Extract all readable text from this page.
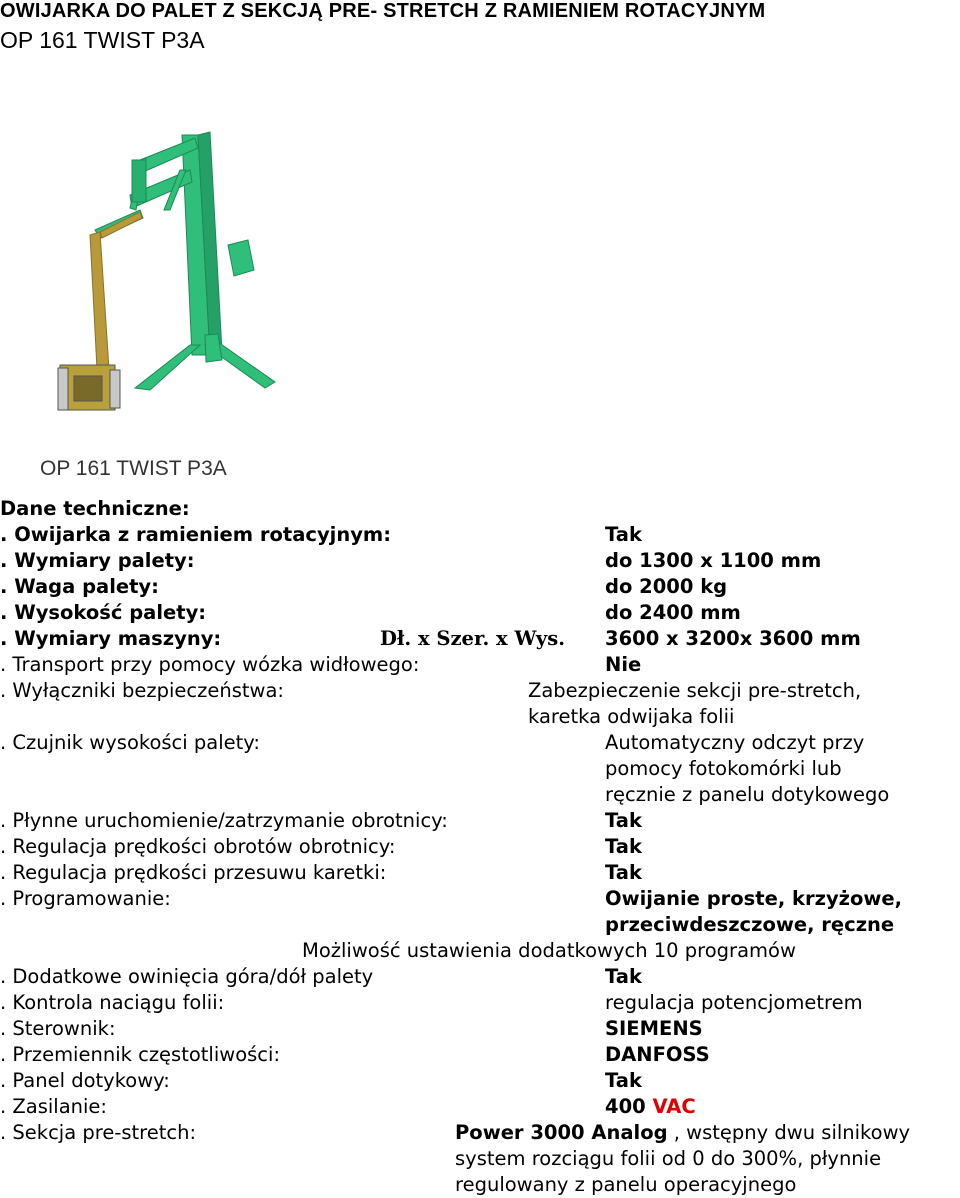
OWIJARKA DO PALET Z SEKCJĄ PRE- STRETCH Z RAMIENIEM ROTACYJNYM
OP 161 TWIST P3A
OP 161 TWIST P3A
Dane techniczne:
. Owijarka z ramieniem rotacyjnym:	Tak
. Wymiary palety:	do 1300 x 1100 mm
. Waga palety:	do 2000 kg
. Wysokość palety:	do 2400 mm
. Wymiary maszyny:	Dł. x Szer. x Wys. 3600 x 3200x 3600 mm
. Transport przy pomocy wózka widłowego:	Nie
. Wyłączniki bezpieczeństwa:	Zabezpieczenie sekcji pre-stretch,
karetka odwijaka folii
. Czujnik wysokości palety:	Automatyczny odczyt przy
pomocy fotokomórki lub
ręcznie z panelu dotykowego
. Płynne uruchomienie/zatrzymanie obrotnicy:	Tak
. Regulacja prędkości obrotów obrotnicy:	Tak
. Regulacja prędkości przesuwu karetki:	Tak
. Programowanie:	Owijanie proste, krzyżowe,
przeciwdeszczowe, ręczne
Możliwość ustawienia dodatkowych 10 programów
. Dodatkowe owinięcia góra/dół palety	Tak
. Kontrola naciągu folii:	regulacja potencjometrem
. Sterownik:	SIEMENS
. Przemiennik częstotliwości:	DANFOSS
. Panel dotykowy:	Tak
. Zasilanie:	400 VAC
. Sekcja pre-stretch:	Power 3000 Analog , wstępny dwu silnikowy
system rozciągu folii od 0 do 300%, płynnie
regulowany z panelu operacyjnego
